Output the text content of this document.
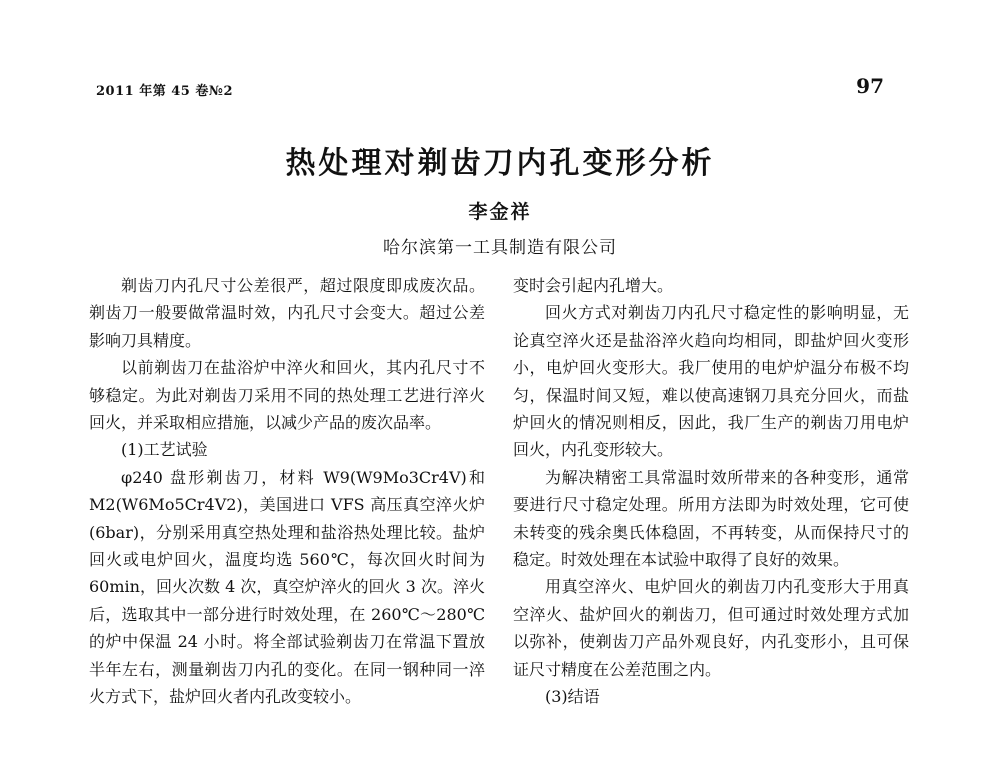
2011 年第 45 卷№2	97
热处理对剃齿刀内孔变形分析
李金祥
哈尔滨第一工具制造有限公司

剃齿刀内孔尺寸公差很严，超过限度即成废次品。剃齿刀一般要做常温时效，内孔尺寸会变大。超过公差影响刀具精度。

以前剃齿刀在盐浴炉中淬火和回火，其内孔尺寸不够稳定。为此对剃齿刀采用不同的热处理工艺进行淬火回火，并采取相应措施，以减少产品的废次品率。

(1)工艺试验

φ240 盘形剃齿刀，材料 W9(W9Mo3Cr4V)和 M2(W6Mo5Cr4V2)，美国进口 VFS 高压真空淬火炉(6bar)，分别采用真空热处理和盐浴热处理比较。盐炉回火或电炉回火，温度均选 560℃，每次回火时间为 60min，回火次数 4 次，真空炉淬火的回火 3 次。淬火后，选取其中一部分进行时效处理，在 260℃～280℃的炉中保温 24 小时。将全部试验剃齿刀在常温下置放半年左右，测量剃齿刀内孔的变化。在同一钢种同一淬火方式下，盐炉回火者内孔改变较小。

变时会引起内孔增大。

回火方式对剃齿刀内孔尺寸稳定性的影响明显，无论真空淬火还是盐浴淬火趋向均相同，即盐炉回火变形小，电炉回火变形大。我厂使用的电炉炉温分布极不均匀，保温时间又短，难以使高速钢刀具充分回火，而盐炉回火的情况则相反，因此，我厂生产的剃齿刀用电炉回火，内孔变形较大。

为解决精密工具常温时效所带来的各种变形，通常要进行尺寸稳定处理。所用方法即为时效处理，它可使未转变的残余奥氏体稳固，不再转变，从而保持尺寸的稳定。时效处理在本试验中取得了良好的效果。

用真空淬火、电炉回火的剃齿刀内孔变形大于用真空淬火、盐炉回火的剃齿刀，但可通过时效处理方式加以弥补，使剃齿刀产品外观良好，内孔变形小，且可保证尺寸精度在公差范围之内。

(3)结语
